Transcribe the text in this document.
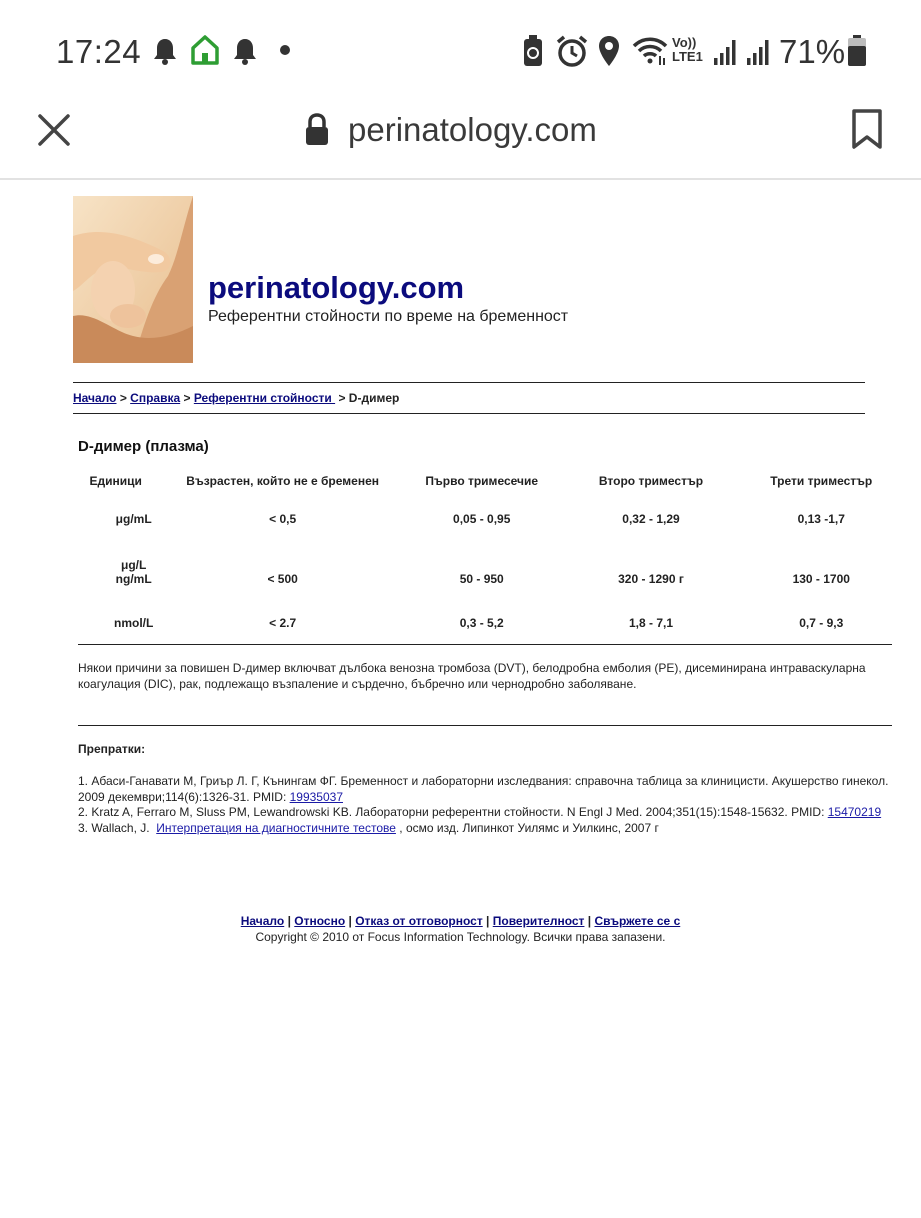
17:24	Vo))
LTE1 71%
perinatology.com
perinatology.com
Референтни стойности по време на бременност
Начало > Справка > Референтни стойности  > D-димер
D-димер (плазма)
Единици	Възрастен, който не е бременен	Първо тримесечие	Второ триместър	Трети триместър
μg/mL	< 0,5	0,05 - 0,95	0,32 - 1,29	0,13 -1,7

μg/L
ng/mL	< 500	50 - 950	320 - 1290 г	130 - 1700
nmol/L	< 2.7	0,3 - 5,2	1,8 - 7,1	0,7 - 9,3
Някои причини за повишен D-димер включват дълбока венозна тромбоза (DVT), белодробна емболия (PE), дисеминирана интраваскуларна коагулация (DIC), рак, подлежащо възпаление и сърдечно, бъбречно или чернодробно заболяване.
Препратки:
1. Абаси-Ганавати М, Гриър Л. Г, Кънингам ФГ. Бременност и лабораторни изследвания: справочна таблица за клиницисти. Акушерство гинекол. 2009 декември;114(6):1326-31. PMID: 19935037
2. Kratz A, Ferraro M, Sluss PM, Lewandrowski KB. Лабораторни референтни стойности. N Engl J Med. 2004;351(15):1548-15632. PMID: 15470219
3. Wallach, J.  Интерпретация на диагностичните тестове , осмо изд. Липинкот Уилямс и Уилкинс, 2007 г
Начало | Относно | Отказ от отговорност | Поверителност | Свържете се с
Copyright © 2010 от Focus Information Technology. Всички права запазени.
